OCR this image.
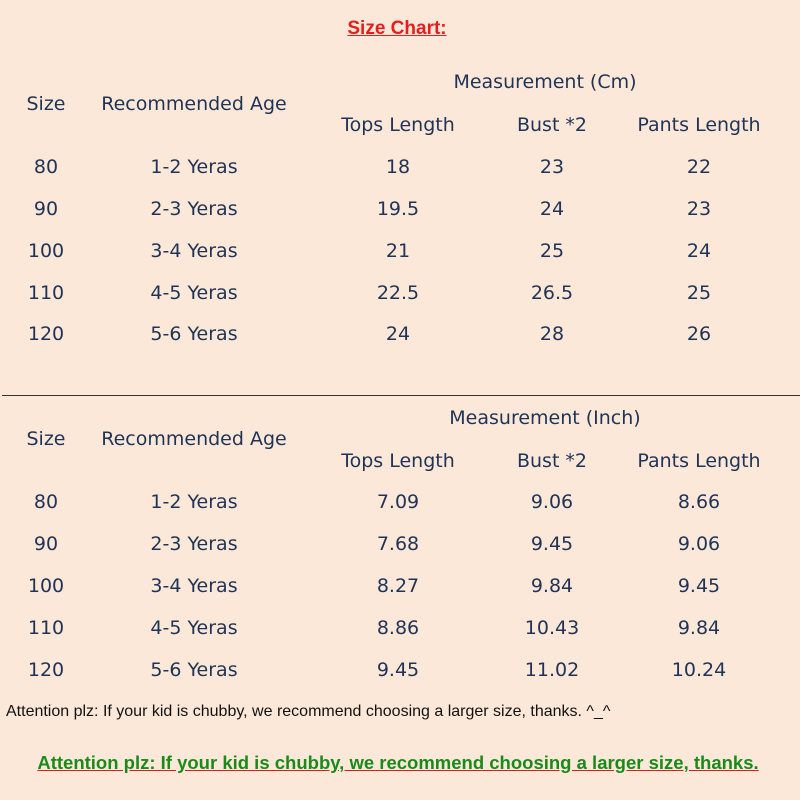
Size Chart:
Measurement (Cm)
Size Recommended Age
Tops Length	Bust *2	Pants Length
80	1-2 Yeras	18	23	22
90	2-3 Yeras	19.5	24	23
100	3-4 Yeras	21	25	24
110	4-5 Yeras	22.5	26.5	25
120	5-6 Yeras	24	28	26
Measurement (Inch)
Size Recommended Age
Tops Length	Bust *2	Pants Length
80	1-2 Yeras	7.09	9.06	8.66
90	2-3 Yeras	7.68	9.45	9.06
100	3-4 Yeras	8.27	9.84	9.45
110	4-5 Yeras	8.86	10.43	9.84
120	5-6 Yeras	9.45	11.02	10.24
Attention plz: If your kid is chubby, we recommend choosing a larger size, thanks. ^_^
Attention plz: If your kid is chubby, we recommend choosing a larger size, thanks.
